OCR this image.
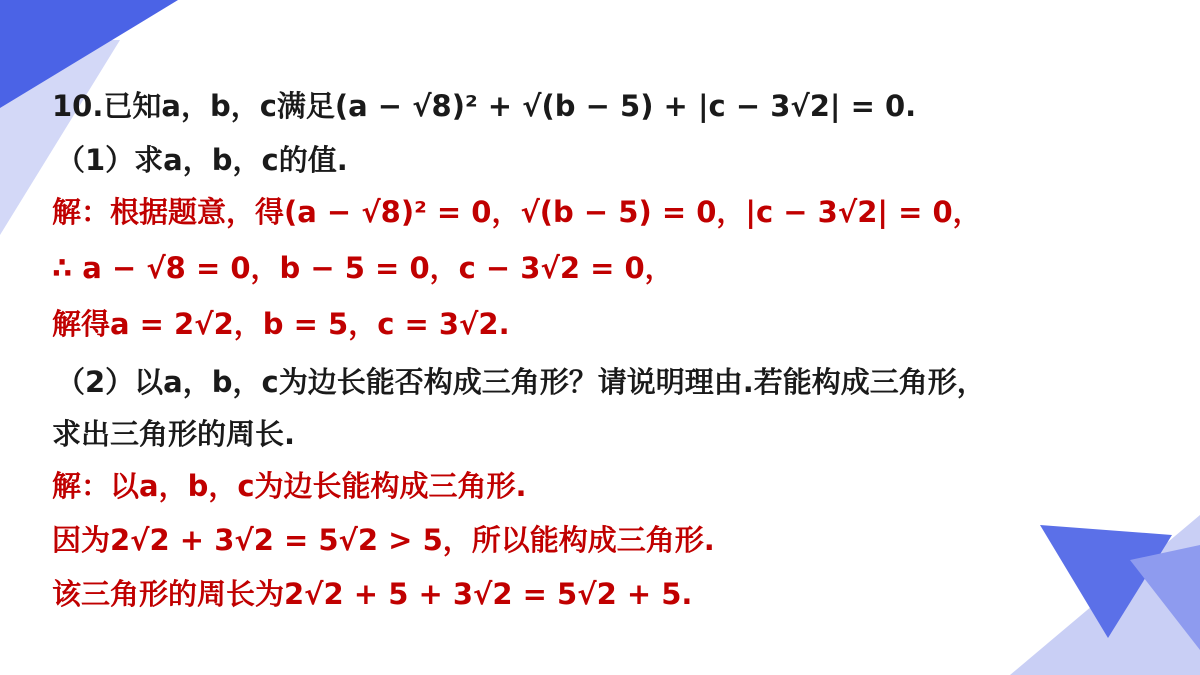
10.已知a，b，c满足(a − √8)² + √(b − 5) + |c − 3√2| = 0.
（1）求a，b，c的值.
解：根据题意，得(a − √8)² = 0，√(b − 5) = 0，|c − 3√2| = 0，
∴ a − √8 = 0，b − 5 = 0，c − 3√2 = 0，
解得a = 2√2，b = 5，c = 3√2.
（2）以a，b，c为边长能否构成三角形？请说明理由.若能构成三角形，
求出三角形的周长.
解：以a，b，c为边长能构成三角形.
因为2√2 + 3√2 = 5√2 > 5，所以能构成三角形.
该三角形的周长为2√2 + 5 + 3√2 = 5√2 + 5.
